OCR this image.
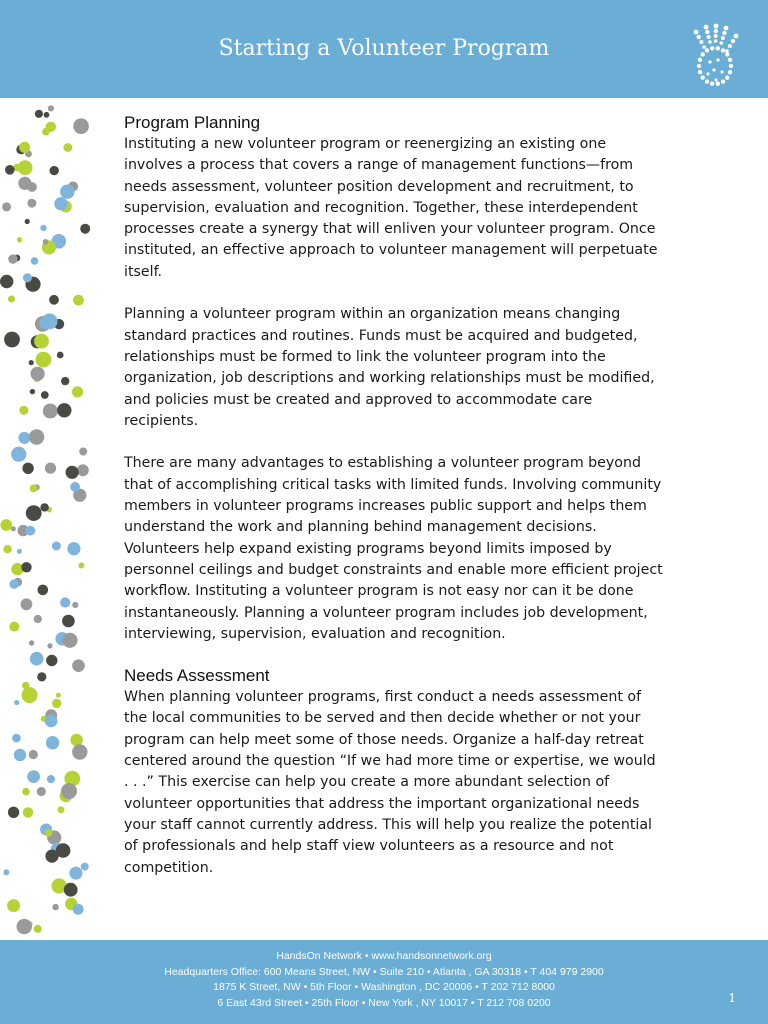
Starting a Volunteer Program
Program Planning

Instituting a new volunteer program or reenergizing an existing one involves a process that covers a range of management functions—from needs assessment, volunteer position development and recruitment, to supervision, evaluation and recognition. Together, these interdependent processes create a synergy that will enliven your volunteer program. Once instituted, an effective approach to volunteer management will perpetuate itself.

Planning a volunteer program within an organization means changing standard practices and routines. Funds must be acquired and budgeted, relationships must be formed to link the volunteer program into the organization, job descriptions and working relationships must be modified, and policies must be created and approved to accommodate care recipients.

There are many advantages to establishing a volunteer program beyond that of accomplishing critical tasks with limited funds. Involving community members in volunteer programs increases public support and helps them understand the work and planning behind management decisions. Volunteers help expand existing programs beyond limits imposed by personnel ceilings and budget constraints and enable more efficient project workflow. Instituting a volunteer program is not easy nor can it be done instantaneously. Planning a volunteer program includes job development, interviewing, supervision, evaluation and recognition.

Needs Assessment

When planning volunteer programs, first conduct a needs assessment of the local communities to be served and then decide whether or not your program can help meet some of those needs. Organize a half-day retreat centered around the question “If we had more time or expertise, we would . . .” This exercise can help you create a more abundant selection of volunteer opportunities that address the important organizational needs your staff cannot currently address. This will help you realize the potential of professionals and help staff view volunteers as a resource and not competition.

HandsOn Network • www.handsonnetwork.org
Headquarters Office: 600 Means Street, NW • Suite 210 • Atlanta , GA 30318 • T 404 979 2900
1875 K Street, NW • 5th Floor • Washington , DC 20006 • T 202 712 8000
6 East 43rd Street • 25th Floor • New York , NY 10017 • T 212 708 0200	1
